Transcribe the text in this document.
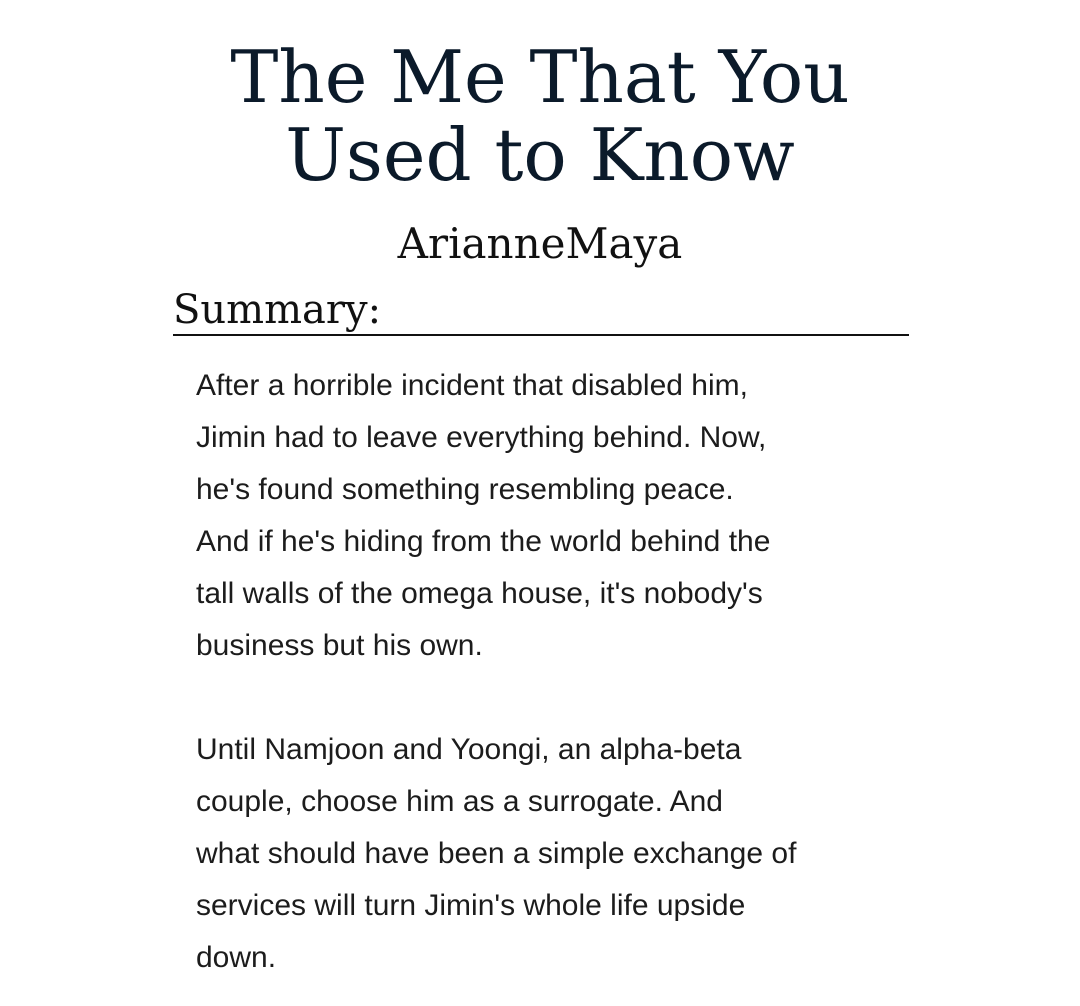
The Me That You
Used to Know
ArianneMaya
Summary:

After a horrible incident that disabled him,
Jimin had to leave everything behind. Now,
he's found something resembling peace.
And if he's hiding from the world behind the
tall walls of the omega house, it's nobody's
business but his own.

Until Namjoon and Yoongi, an alpha-beta
couple, choose him as a surrogate. And
what should have been a simple exchange of
services will turn Jimin's whole life upside
down.
